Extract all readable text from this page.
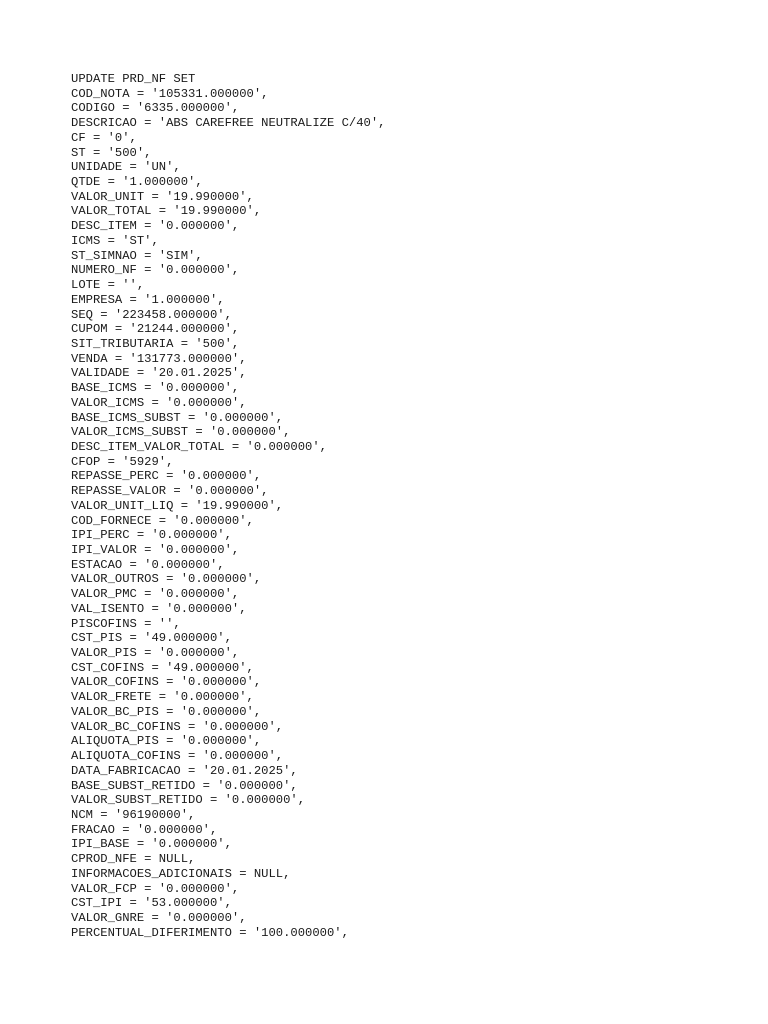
UPDATE PRD_NF SET
COD_NOTA = '105331.000000',
CODIGO = '6335.000000',
DESCRICAO = 'ABS CAREFREE NEUTRALIZE C/40',
CF = '0',
ST = '500',
UNIDADE = 'UN',
QTDE = '1.000000',
VALOR_UNIT = '19.990000',
VALOR_TOTAL = '19.990000',
DESC_ITEM = '0.000000',
ICMS = 'ST',
ST_SIMNAO = 'SIM',
NUMERO_NF = '0.000000',
LOTE = '',
EMPRESA = '1.000000',
SEQ = '223458.000000',
CUPOM = '21244.000000',
SIT_TRIBUTARIA = '500',
VENDA = '131773.000000',
VALIDADE = '20.01.2025',
BASE_ICMS = '0.000000',
VALOR_ICMS = '0.000000',
BASE_ICMS_SUBST = '0.000000',
VALOR_ICMS_SUBST = '0.000000',
DESC_ITEM_VALOR_TOTAL = '0.000000',
CFOP = '5929',
REPASSE_PERC = '0.000000',
REPASSE_VALOR = '0.000000',
VALOR_UNIT_LIQ = '19.990000',
COD_FORNECE = '0.000000',
IPI_PERC = '0.000000',
IPI_VALOR = '0.000000',
ESTACAO = '0.000000',
VALOR_OUTROS = '0.000000',
VALOR_PMC = '0.000000',
VAL_ISENTO = '0.000000',
PISCOFINS = '',
CST_PIS = '49.000000',
VALOR_PIS = '0.000000',
CST_COFINS = '49.000000',
VALOR_COFINS = '0.000000',
VALOR_FRETE = '0.000000',
VALOR_BC_PIS = '0.000000',
VALOR_BC_COFINS = '0.000000',
ALIQUOTA_PIS = '0.000000',
ALIQUOTA_COFINS = '0.000000',
DATA_FABRICACAO = '20.01.2025',
BASE_SUBST_RETIDO = '0.000000',
VALOR_SUBST_RETIDO = '0.000000',
NCM = '96190000',
FRACAO = '0.000000',
IPI_BASE = '0.000000',
CPROD_NFE = NULL,
INFORMACOES_ADICIONAIS = NULL,
VALOR_FCP = '0.000000',
CST_IPI = '53.000000',
VALOR_GNRE = '0.000000',
PERCENTUAL_DIFERIMENTO = '100.000000',
